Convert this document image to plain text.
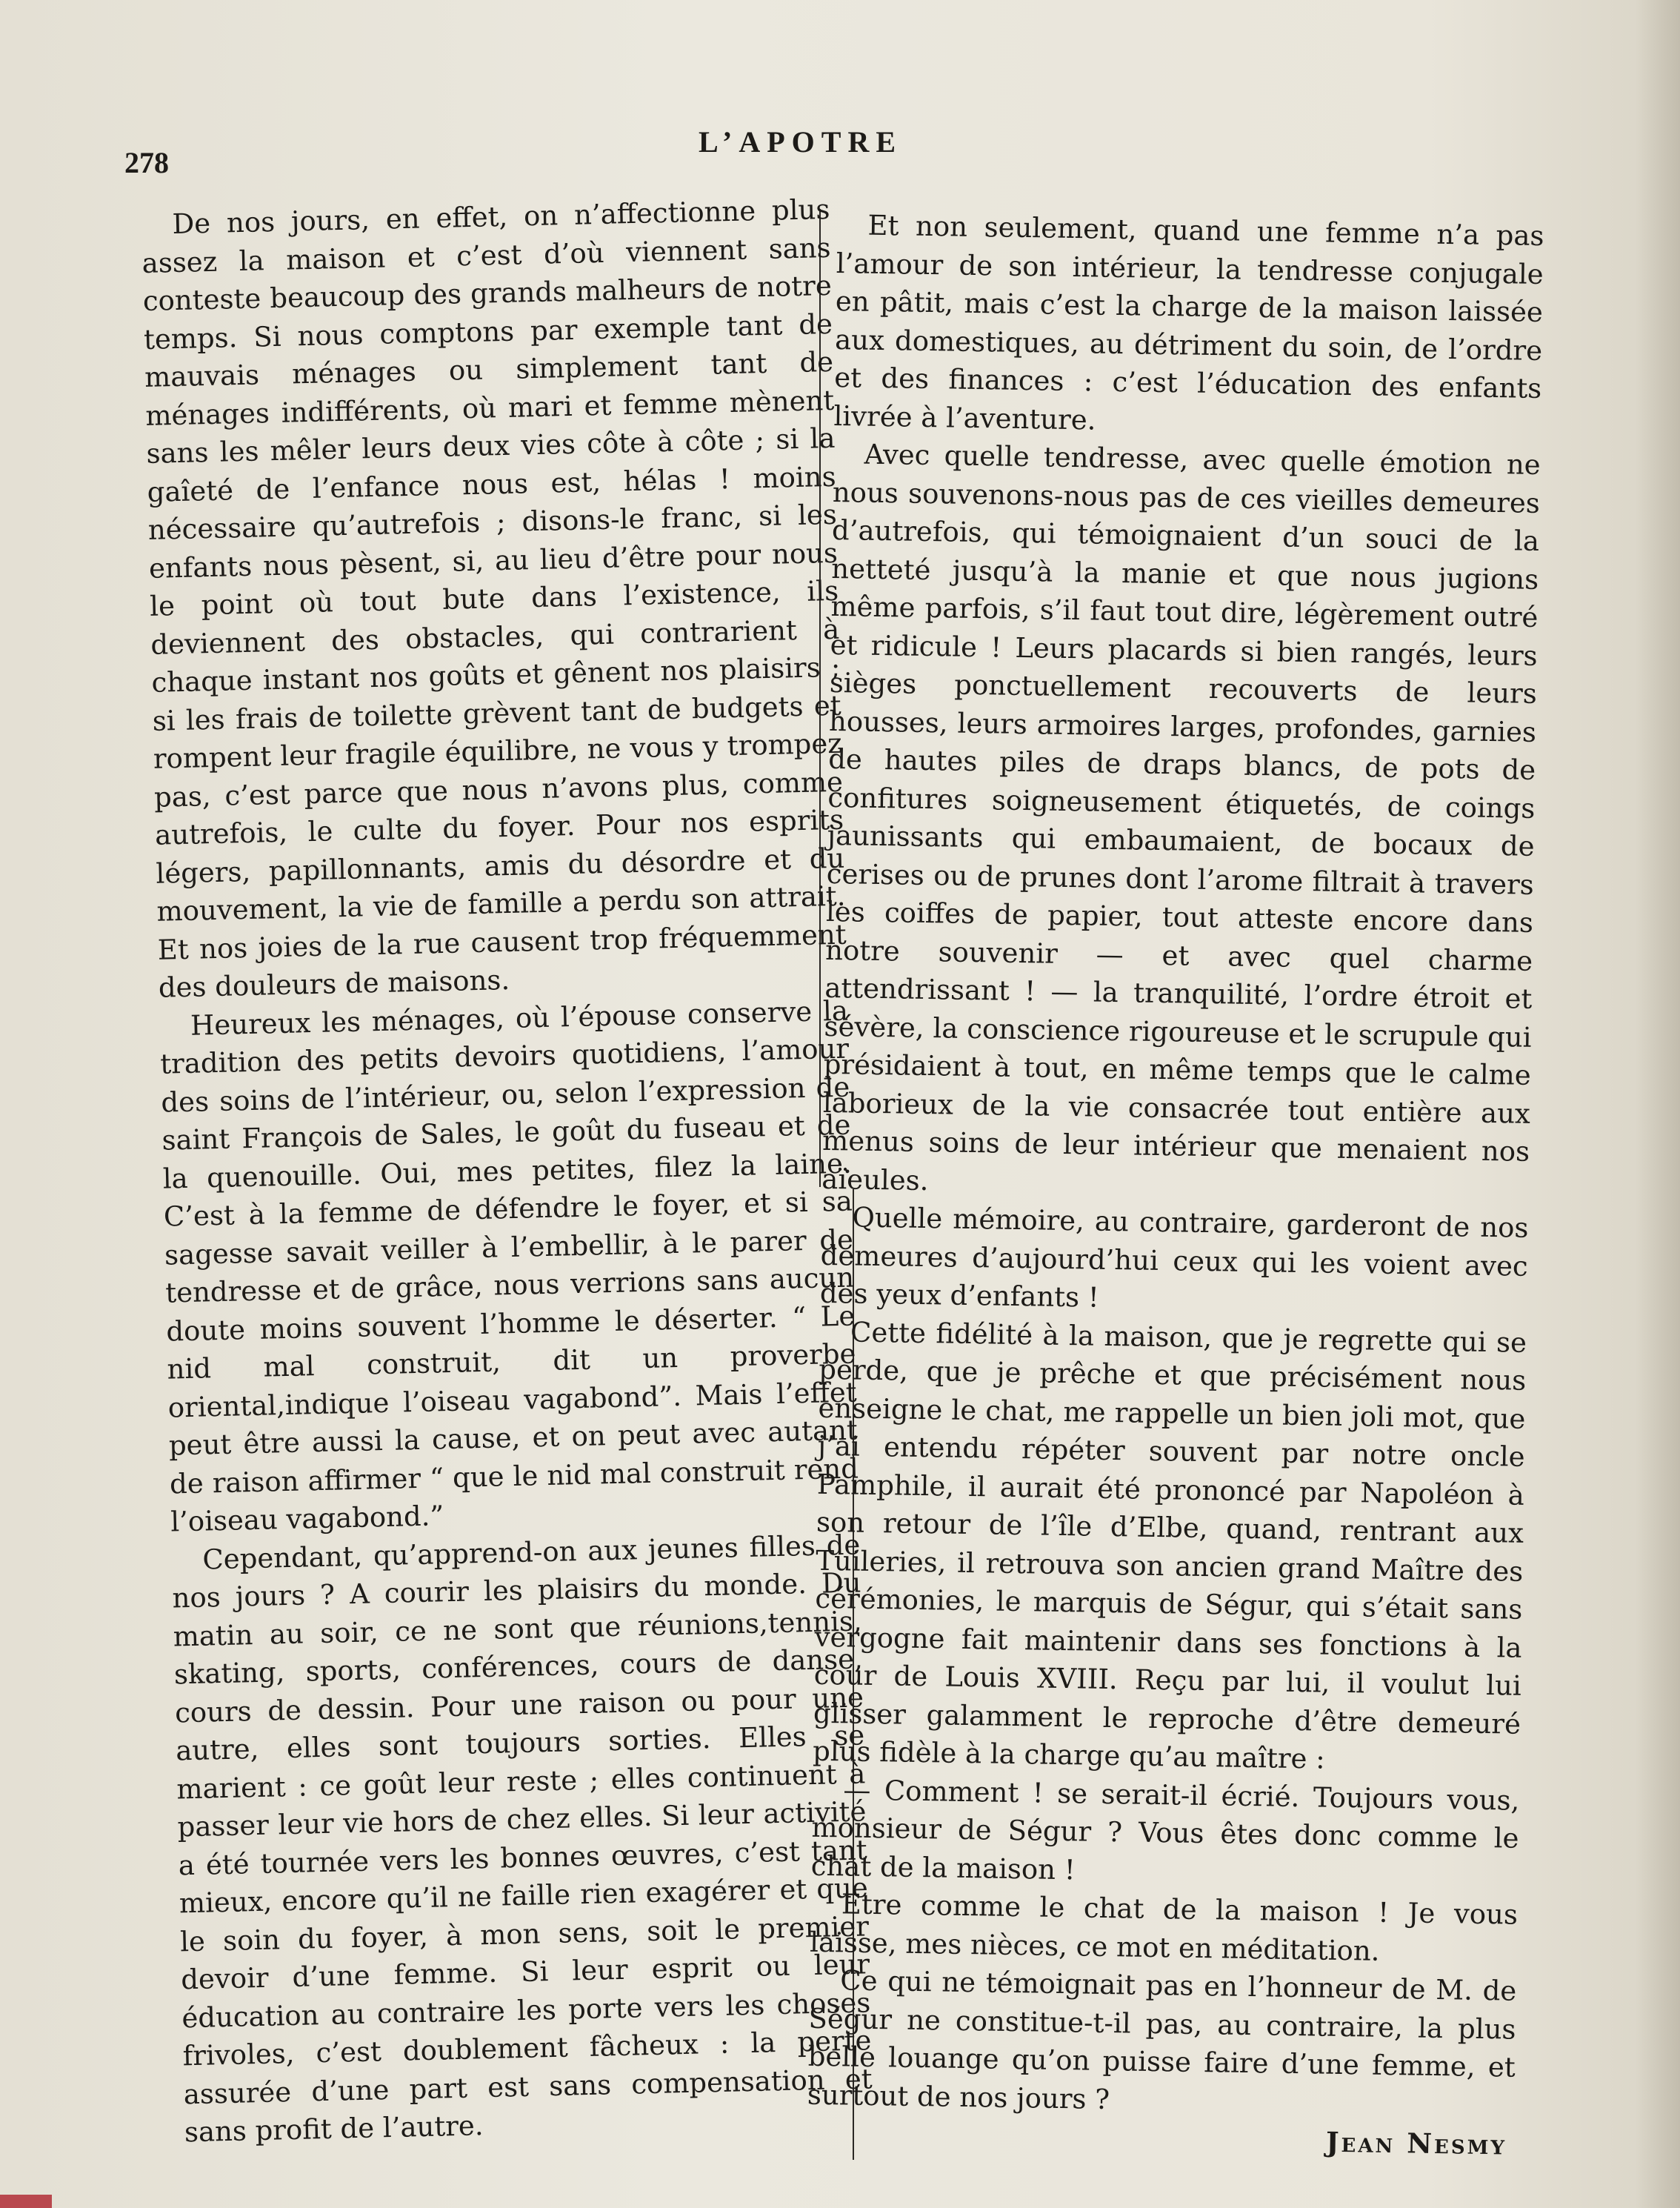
278
L’APOTRE

De nos jours, en effet, on n’affectionne plus assez la maison et c’est d’où viennent sans conteste beaucoup des grands malheurs de notre temps. Si nous comptons par exemple tant de mauvais ménages ou simplement tant de ménages indifférents, où mari et femme mènent sans les mêler leurs deux vies côte à côte ; si la gaîeté de l’enfance nous est, hélas ! moins nécessaire qu’autrefois ; disons-le franc, si les enfants nous pèsent, si, au lieu d’être pour nous le point où tout bute dans l’existence, ils deviennent des obstacles, qui contrarient à chaque instant nos goûts et gênent nos plaisirs ; si les frais de toilette grèvent tant de budgets et rompent leur fragile équilibre, ne vous y trompez pas, c’est parce que nous n’avons plus, comme autrefois, le culte du foyer. Pour nos esprits légers, papillonnants, amis du désordre et du mouvement, la vie de famille a perdu son attrait. Et nos joies de la rue causent trop fréquemment des douleurs de maisons.

Heureux les ménages, où l’épouse conserve la tradition des petits devoirs quotidiens, l’amour des soins de l’intérieur, ou, selon l’expression de saint François de Sales, le goût du fuseau et de la quenouille. Oui, mes petites, filez la laine. C’est à la femme de défendre le foyer, et si sa sagesse savait veiller à l’embellir, à le parer de tendresse et de grâce, nous verrions sans aucun doute moins souvent l’homme le déserter. “ Le nid mal construit, dit un proverbe oriental,indique l’oiseau vagabond”. Mais l’effet peut être aussi la cause, et on peut avec autant de raison affirmer “ que le nid mal construit rend l’oiseau vagabond.”

Cependant, qu’apprend-on aux jeunes filles de nos jours ? A courir les plaisirs du monde. Du matin au soir, ce ne sont que réunions,tennis, skating, sports, conférences, cours de danse, cours de dessin. Pour une raison ou pour une autre, elles sont toujours sorties. Elles se marient : ce goût leur reste ; elles continuent à passer leur vie hors de chez elles. Si leur activité a été tournée vers les bonnes œuvres, c’est tant mieux, encore qu’il ne faille rien exagérer et que le soin du foyer, à mon sens, soit le premier devoir d’une femme. Si leur esprit ou leur éducation au contraire les porte vers les choses frivoles, c’est doublement fâcheux : la perte assurée d’une part est sans compensation et sans profit de l’autre.

Et non seulement, quand une femme n’a pas l’amour de son intérieur, la tendresse conjugale en pâtit, mais c’est la charge de la maison laissée aux domestiques, au détriment du soin, de l’ordre et des finances : c’est l’éducation des enfants livrée à l’aventure.

Avec quelle tendresse, avec quelle émotion ne nous souvenons-nous pas de ces vieilles demeures d’autrefois, qui témoignaient d’un souci de la netteté jusqu’à la manie et que nous jugions même parfois, s’il faut tout dire, légèrement outré et ridicule ! Leurs placards si bien rangés, leurs sièges ponctuellement recouverts de leurs housses, leurs armoires larges, profondes, garnies de hautes piles de draps blancs, de pots de confitures soigneusement étiquetés, de coings jaunissants qui embaumaient, de bocaux de cerises ou de prunes dont l’arome filtrait à travers les coiffes de papier, tout atteste encore dans notre souvenir — et avec quel charme attendrissant ! — la tranquilité, l’ordre étroit et sévère, la conscience rigoureuse et le scrupule qui présidaient à tout, en même temps que le calme laborieux de la vie consacrée tout entière aux menus soins de leur intérieur que menaient nos aïeules.

Quelle mémoire, au contraire, garderont de nos demeures d’aujourd’hui ceux qui les voient avec des yeux d’enfants !

Cette fidélité à la maison, que je regrette qui se perde, que je prêche et que précisément nous enseigne le chat, me rappelle un bien joli mot, que j’ai entendu répéter souvent par notre oncle Pamphile, il aurait été prononcé par Napoléon à son retour de l’île d’Elbe, quand, rentrant aux Tuileries, il retrouva son ancien grand Maître des cérémonies, le marquis de Ségur, qui s’était sans vergogne fait maintenir dans ses fonctions à la cour de Louis XVIII. Reçu par lui, il voulut lui glisser galamment le reproche d’être demeuré plus fidèle à la charge qu’au maître :

— Comment ! se serait-il écrié. Toujours vous, monsieur de Ségur ? Vous êtes donc comme le chat de la maison !

Etre comme le chat de la maison ! Je vous laisse, mes nièces, ce mot en méditation.

Ce qui ne témoignait pas en l’honneur de M. de Ségur ne constitue-t-il pas, au contraire, la plus belle louange qu’on puisse faire d’une femme, et surtout de nos jours ?

Jean Nesmy
